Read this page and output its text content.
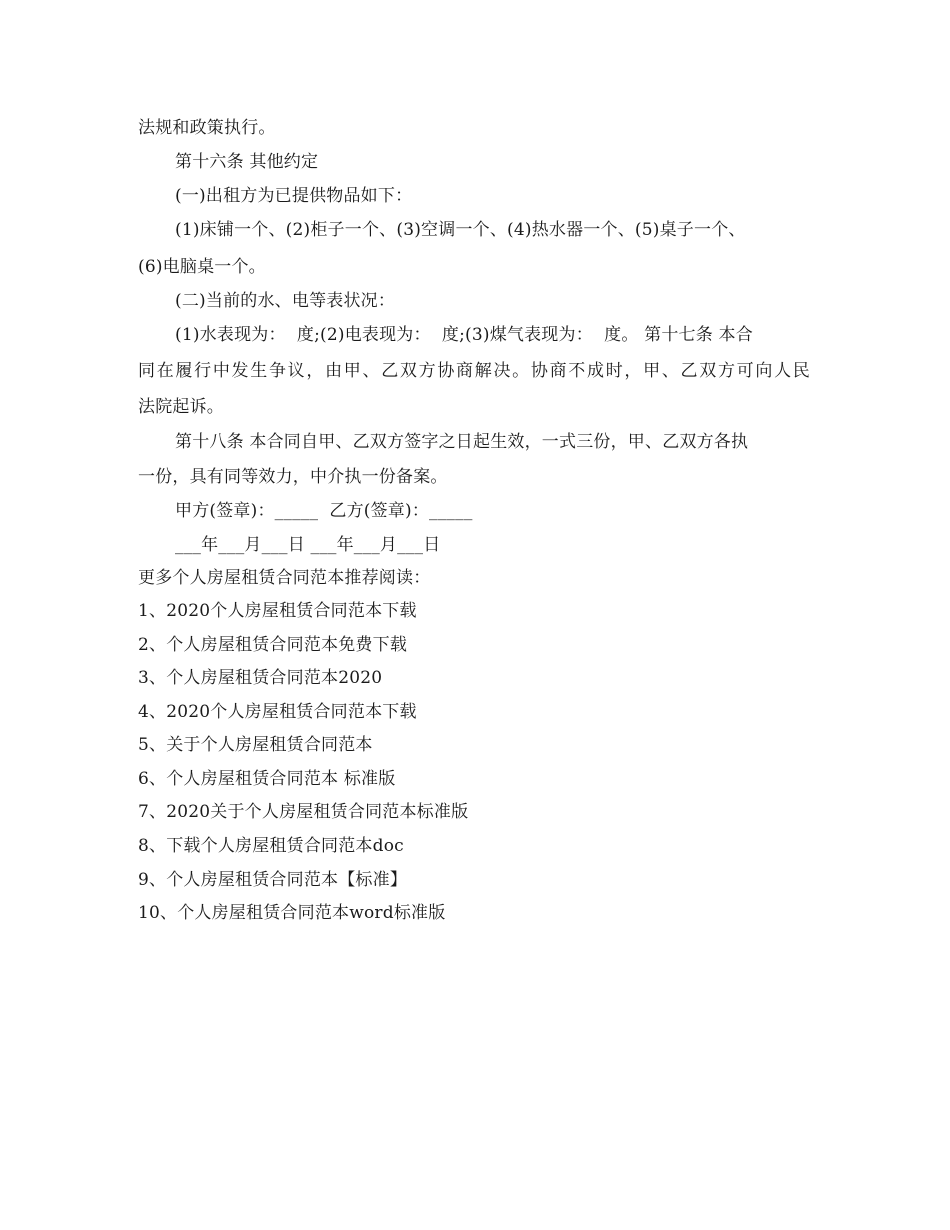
法规和政策执行。
第十六条 其他约定
(一)出租方为已提供物品如下：
(1)床铺一个、(2)柜子一个、(3)空调一个、(4)热水器一个、(5)桌子一个、
(6)电脑桌一个。
(二)当前的水、电等表状况：
(1)水表现为：  度;(2)电表现为：  度;(3)煤气表现为：  度。 第十七条 本合
同在履行中发生争议，由甲、乙双方协商解决。协商不成时，甲、乙双方可向人民
法院起诉。
第十八条 本合同自甲、乙双方签字之日起生效，一式三份，甲、乙双方各执
一份，具有同等效力，中介执一份备案。
甲方(签章)：_____  乙方(签章)：_____
___年___月___日 ___年___月___日
更多个人房屋租赁合同范本推荐阅读：
1、2020个人房屋租赁合同范本下载
2、个人房屋租赁合同范本免费下载
3、个人房屋租赁合同范本2020
4、2020个人房屋租赁合同范本下载
5、关于个人房屋租赁合同范本
6、个人房屋租赁合同范本 标准版
7、2020关于个人房屋租赁合同范本标准版
8、下载个人房屋租赁合同范本doc
9、个人房屋租赁合同范本【标准】
10、个人房屋租赁合同范本word标准版
